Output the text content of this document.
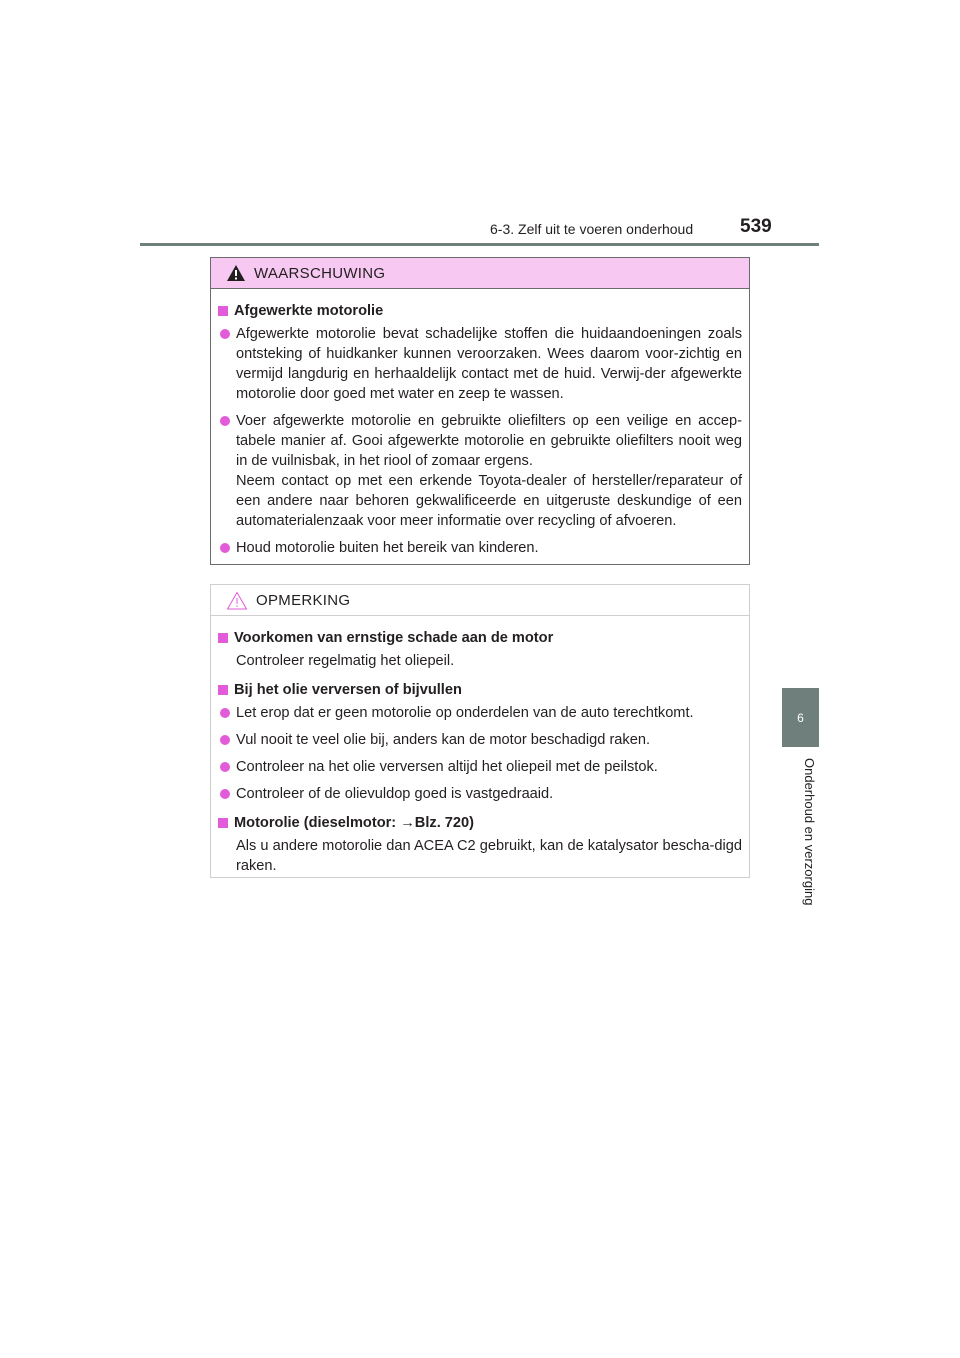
6-3. Zelf uit te voeren onderhoud 539
6
Onderhoud en verzorging
WAARSCHUWING
Afgewerkte motorolie

Afgewerkte motorolie bevat schadelijke stoffen die huidaandoeningen zoals ontsteking of huidkanker kunnen veroorzaken. Wees daarom voor-zichtig en vermijd langdurig en herhaaldelijk contact met de huid. Verwij-der afgewerkte motorolie door goed met water en zeep te wassen.

Voer afgewerkte motorolie en gebruikte oliefilters op een veilige en accep-tabele manier af. Gooi afgewerkte motorolie en gebruikte oliefilters nooit weg in de vuilnisbak, in het riool of zomaar ergens.

Neem contact op met een erkende Toyota-dealer of hersteller/reparateur of een andere naar behoren gekwalificeerde en uitgeruste deskundige of een automaterialenzaak voor meer informatie over recycling of afvoeren.

Houd motorolie buiten het bereik van kinderen.

OPMERKING
Voorkomen van ernstige schade aan de motor
Controleer regelmatig het oliepeil.
Bij het olie verversen of bijvullen
Let erop dat er geen motorolie op onderdelen van de auto terechtkomt.
Vul nooit te veel olie bij, anders kan de motor beschadigd raken.
Controleer na het olie verversen altijd het oliepeil met de peilstok.
Controleer of de olievuldop goed is vastgedraaid.
Motorolie (dieselmotor: →Blz. 720)
Als u andere motorolie dan ACEA C2 gebruikt, kan de katalysator bescha-digd raken.
